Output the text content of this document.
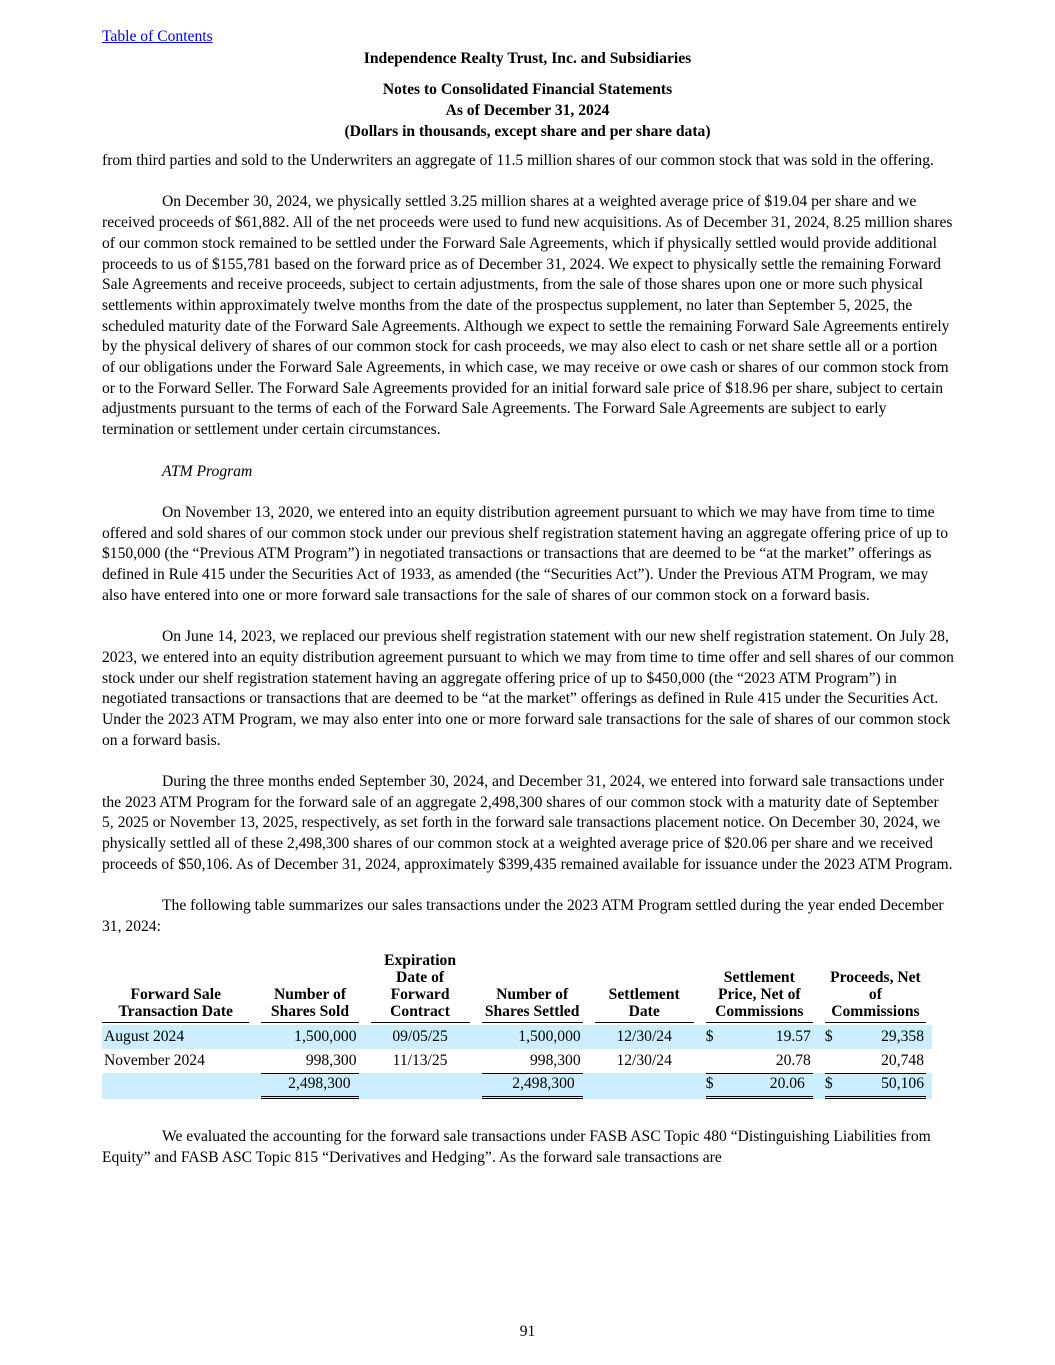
Table of Contents
Independence Realty Trust, Inc. and Subsidiaries
Notes to Consolidated Financial Statements
As of December 31, 2024
(Dollars in thousands, except share and per share data)

from third parties and sold to the Underwriters an aggregate of 11.5 million shares of our common stock that was sold in the offering.

On December 30, 2024, we physically settled 3.25 million shares at a weighted average price of $19.04 per share and we received proceeds of $61,882. All of the net proceeds were used to fund new acquisitions. As of December 31, 2024, 8.25 million shares of our common stock remained to be settled under the Forward Sale Agreements, which if physically settled would provide additional proceeds to us of $155,781 based on the forward price as of December 31, 2024. We expect to physically settle the remaining Forward Sale Agreements and receive proceeds, subject to certain adjustments, from the sale of those shares upon one or more such physical settlements within approximately twelve months from the date of the prospectus supplement, no later than September 5, 2025, the scheduled maturity date of the Forward Sale Agreements. Although we expect to settle the remaining Forward Sale Agreements entirely by the physical delivery of shares of our common stock for cash proceeds, we may also elect to cash or net share settle all or a portion of our obligations under the Forward Sale Agreements, in which case, we may receive or owe cash or shares of our common stock from or to the Forward Seller. The Forward Sale Agreements provided for an initial forward sale price of $18.96 per share, subject to certain adjustments pursuant to the terms of each of the Forward Sale Agreements. The Forward Sale Agreements are subject to early termination or settlement under certain circumstances.

ATM Program

On November 13, 2020, we entered into an equity distribution agreement pursuant to which we may have from time to time offered and sold shares of our common stock under our previous shelf registration statement having an aggregate offering price of up to $150,000 (the “Previous ATM Program”) in negotiated transactions or transactions that are deemed to be “at the market” offerings as defined in Rule 415 under the Securities Act of 1933, as amended (the “Securities Act”). Under the Previous ATM Program, we may also have entered into one or more forward sale transactions for the sale of shares of our common stock on a forward basis.

On June 14, 2023, we replaced our previous shelf registration statement with our new shelf registration statement. On July 28, 2023, we entered into an equity distribution agreement pursuant to which we may from time to time offer and sell shares of our common stock under our shelf registration statement having an aggregate offering price of up to $450,000 (the “2023 ATM Program”) in negotiated transactions or transactions that are deemed to be “at the market” offerings as defined in Rule 415 under the Securities Act. Under the 2023 ATM Program, we may also enter into one or more forward sale transactions for the sale of shares of our common stock on a forward basis.

During the three months ended September 30, 2024, and December 31, 2024, we entered into forward sale transactions under the 2023 ATM Program for the forward sale of an aggregate 2,498,300 shares of our common stock with a maturity date of September 5, 2025 or November 13, 2025, respectively, as set forth in the forward sale transactions placement notice. On December 30, 2024, we physically settled all of these 2,498,300 shares of our common stock at a weighted average price of $20.06 per share and we received proceeds of $50,106. As of December 31, 2024, approximately $399,435 remained available for issuance under the 2023 ATM Program.

The following table summarizes our sales transactions under the 2023 ATM Program settled during the year ended December 31, 2024:

Forward Sale Transaction Date	Number of Shares Sold	Expiration Date of Forward Contract	Number of Shares Settled	Settlement Date	Settlement Price, Net of Commissions	Proceeds, Net of Commissions

August 2024	1,500,000	09/05/25	1,500,000	12/30/24	$ 19.57	$ 29,358
November 2024	998,300	11/13/25	998,300	12/30/24	20.78	20,748

	2,498,300		2,498,300		$ 20.06	$ 50,106

We evaluated the accounting for the forward sale transactions under FASB ASC Topic 480 “Distinguishing Liabilities from Equity” and FASB ASC Topic 815 “Derivatives and Hedging”. As the forward sale transactions are

91
